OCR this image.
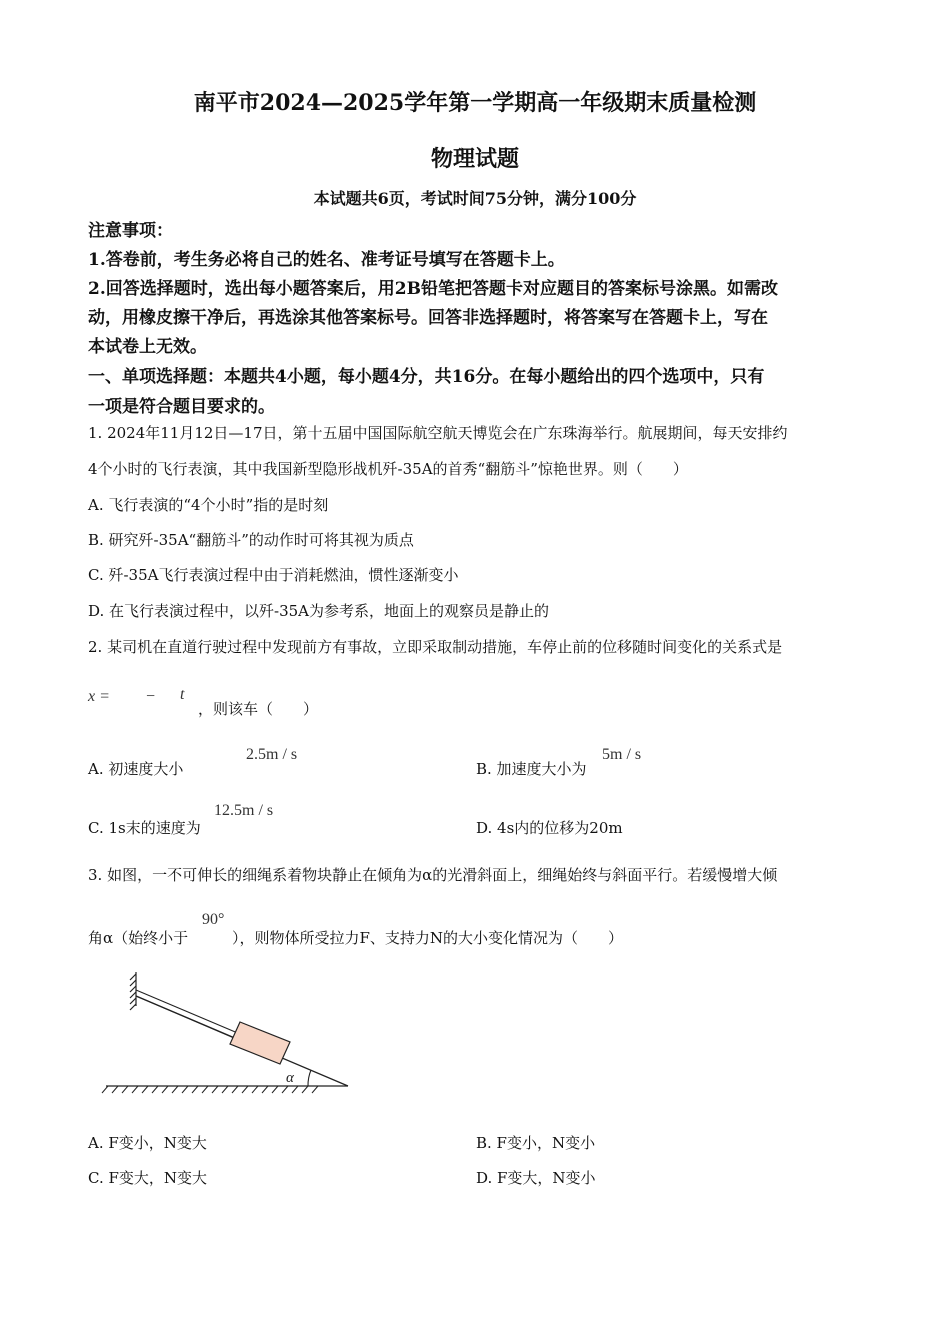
南平市2024—2025学年第一学期高一年级期末质量检测
物理试题
本试题共6页，考试时间75分钟，满分100分
注意事项：
1.答卷前，考生务必将自己的姓名、准考证号填写在答题卡上。
2.回答选择题时，选出每小题答案后，用2B铅笔把答题卡对应题目的答案标号涂黑。如需改
动，用橡皮擦干净后，再选涂其他答案标号。回答非选择题时，将答案写在答题卡上，写在
本试卷上无效。
一、单项选择题：本题共4小题，每小题4分，共16分。在每小题给出的四个选项中，只有
一项是符合题目要求的。
1. 2024年11月12日—17日，第十五届中国国际航空航天博览会在广东珠海举行。航展期间，每天安排约
4个小时的飞行表演，其中我国新型隐形战机歼-35A的首秀“翻筋斗”惊艳世界。则（　　）
A. 飞行表演的“4个小时”指的是时刻
B. 研究歼-35A“翻筋斗”的动作时可将其视为质点
C. 歼-35A飞行表演过程中由于消耗燃油，惯性逐渐变小
D. 在飞行表演过程中，以歼-35A为参考系，地面上的观察员是静止的
2. 某司机在直道行驶过程中发现前方有事故，立即采取制动措施，车停止前的位移随时间变化的关系式是
x = − t
，则该车（　　）
A. 初速度大小
2.5m / s
B. 加速度大小为
5m / s
C. 1s末的速度为
12.5m / s
D. 4s内的位移为20m
3. 如图，一不可伸长的细绳系着物块静止在倾角为α的光滑斜面上，细绳始终与斜面平行。若缓慢增大倾
角α（始终小于
90°
），则物体所受拉力F、支持力N的大小变化情况为（　　）
α
A. F变小，N变大	B. F变小，N变小
C. F变大，N变大	D. F变大，N变小
